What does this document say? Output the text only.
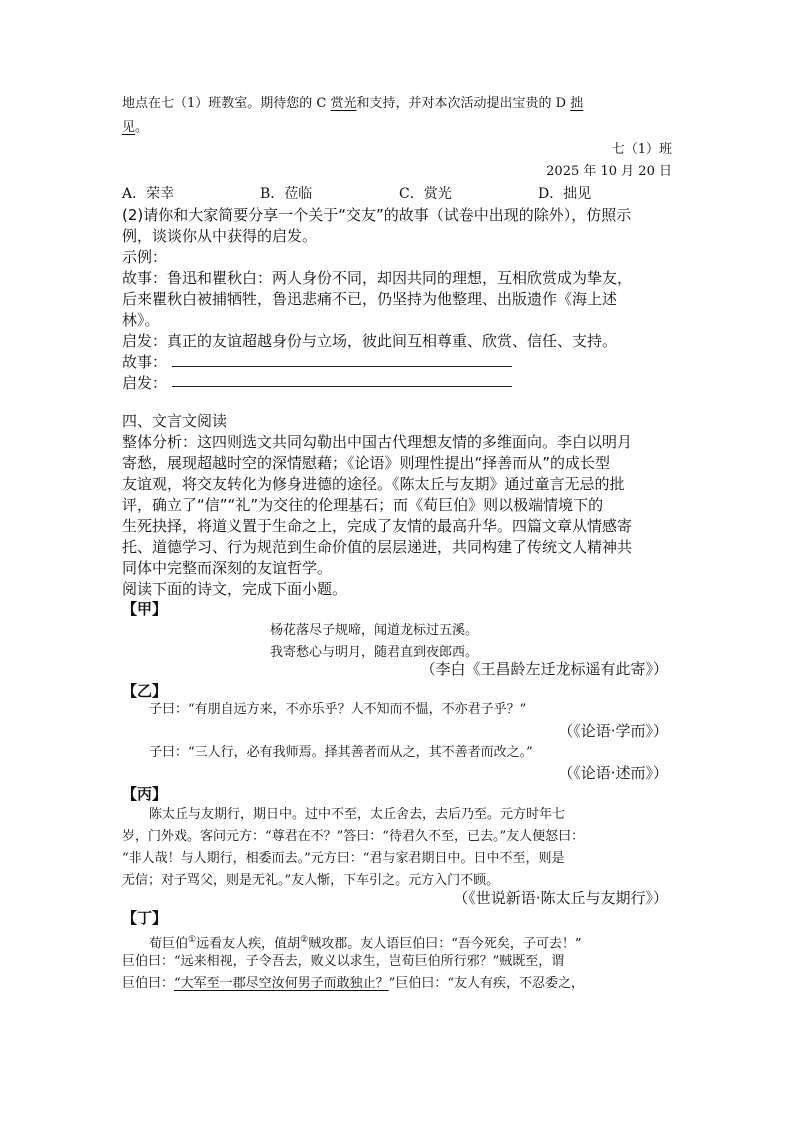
地点在七（1）班教室。期待您的 C 赏光和支持，并对本次活动提出宝贵的 D 拙
见。
七（1）班
2025 年 10 月 20 日
A．荣幸	B．莅临	C．赏光	D．拙见
(2)请你和大家简要分享一个关于“交友”的故事（试卷中出现的除外），仿照示
例，谈谈你从中获得的启发。
示例：
故事：鲁迅和瞿秋白：两人身份不同，却因共同的理想，互相欣赏成为挚友，
后来瞿秋白被捕牺牲，鲁迅悲痛不已，仍坚持为他整理、出版遗作《海上述
林》。
启发：真正的友谊超越身份与立场，彼此间互相尊重、欣赏、信任、支持。
故事：
启发：
四、文言文阅读
整体分析：这四则选文共同勾勒出中国古代理想友情的多维面向。李白以明月
寄愁，展现超越时空的深情慰藉；《论语》则理性提出“择善而从”的成长型
友谊观，将交友转化为修身进德的途径。《陈太丘与友期》通过童言无忌的批
评，确立了“信”“礼”为交往的伦理基石；而《荀巨伯》则以极端情境下的
生死抉择，将道义置于生命之上，完成了友情的最高升华。四篇文章从情感寄
托、道德学习、行为规范到生命价值的层层递进，共同构建了传统文人精神共
同体中完整而深刻的友谊哲学。
阅读下面的诗文，完成下面小题。
【甲】
杨花落尽子规啼，闻道龙标过五溪。
我寄愁心与明月，随君直到夜郎西。
（李白《王昌龄左迁龙标遥有此寄》）
【乙】
子曰：“有朋自远方来，不亦乐乎？人不知而不愠，不亦君子乎？”
（《论语·学而》）
子曰：“三人行，必有我师焉。择其善者而从之，其不善者而改之。”
（《论语·述而》）
【丙】
陈太丘与友期行，期日中。过中不至，太丘舍去，去后乃至。元方时年七
岁，门外戏。客问元方：“尊君在不？”答曰：“待君久不至，已去。”友人便怒曰：
“非人哉！与人期行，相委而去。”元方曰：“君与家君期日中。日中不至，则是
无信；对子骂父，则是无礼。”友人惭，下车引之。元方入门不顾。
（《世说新语·陈太丘与友期行》）
【丁】
荀巨伯①远看友人疾，值胡②贼攻郡。友人语巨伯曰：“吾今死矣，子可去！”
巨伯曰：“远来相视，子令吾去，败义以求生，岂荀巨伯所行邪？”贼既至，谓
巨伯曰：“大军至一郡尽空汝何男子而敢独止？”巨伯曰：“友人有疾，不忍委之，
